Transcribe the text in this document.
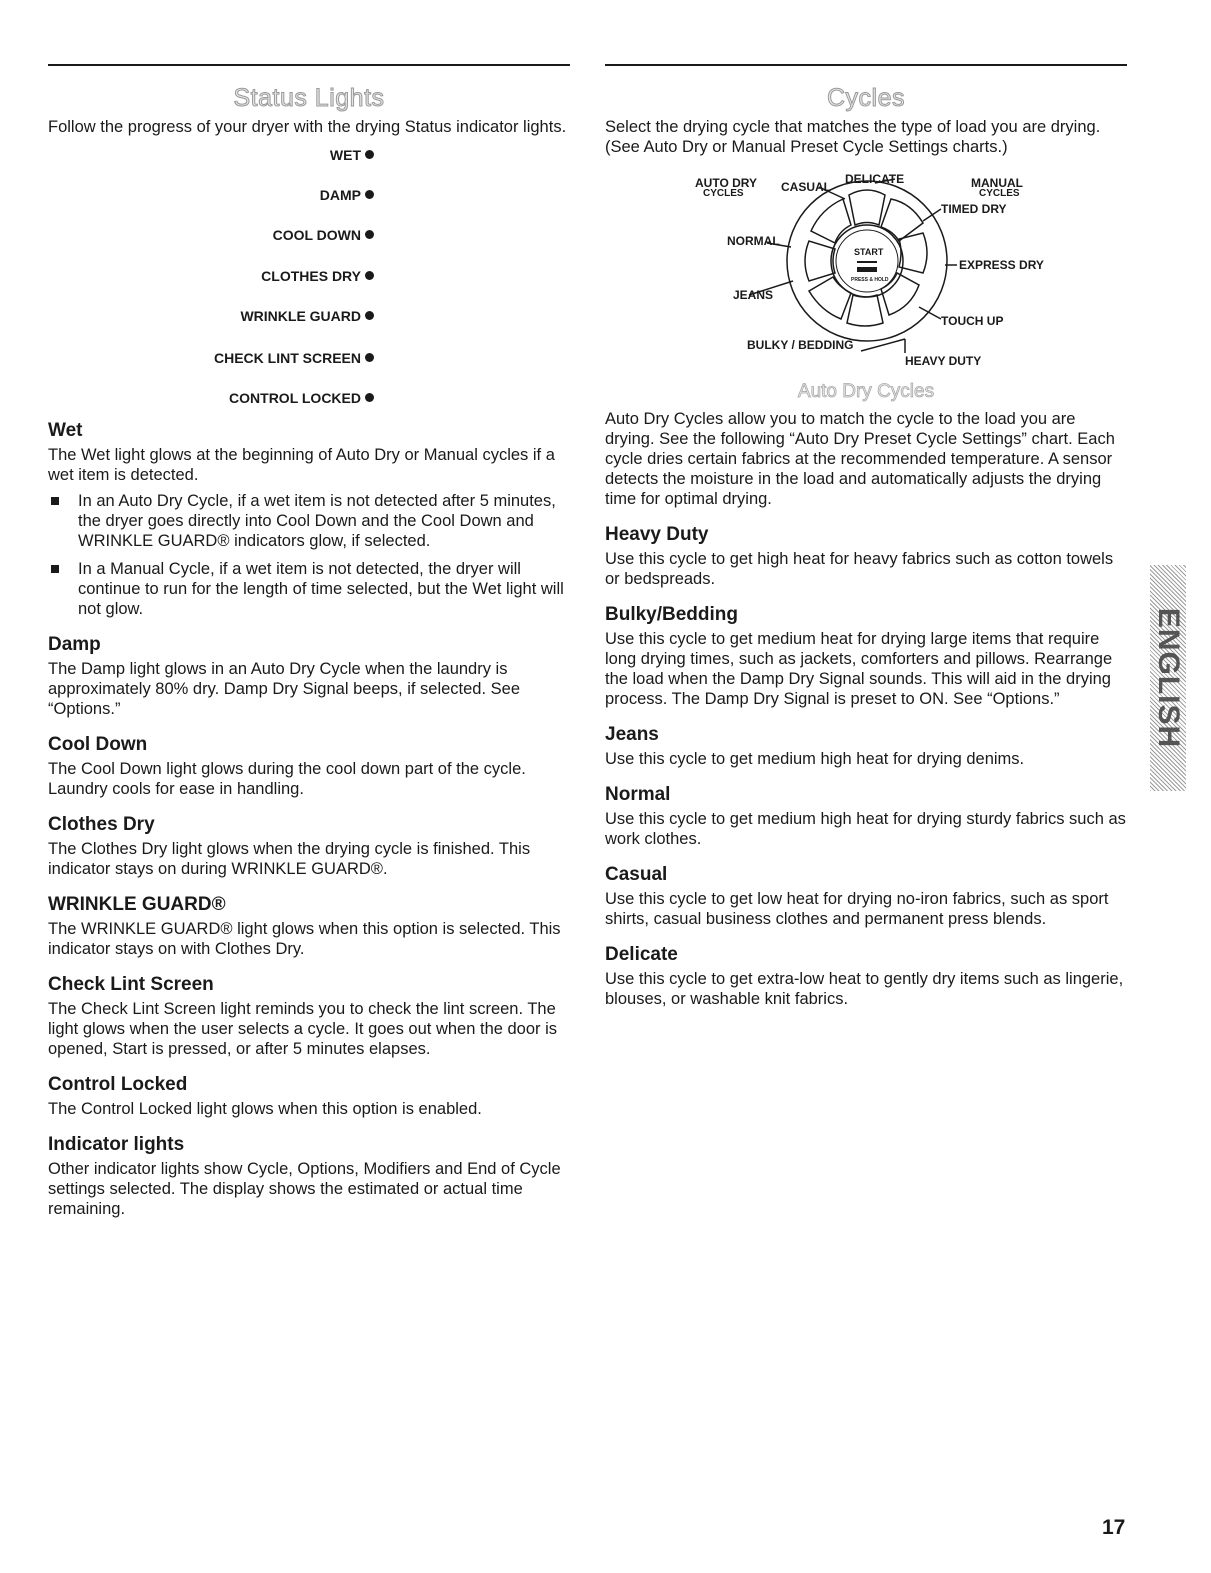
Status Lights

Follow the progress of your dryer with the drying Status indicator lights.

WET
DAMP
COOL DOWN
CLOTHES DRY
WRINKLE GUARD
CHECK LINT SCREEN
CONTROL LOCKED
Wet

The Wet light glows at the beginning of Auto Dry or Manual cycles if a wet item is detected.

In an Auto Dry Cycle, if a wet item is not detected after 5 minutes, the dryer goes directly into Cool Down and the Cool Down and WRINKLE GUARD® indicators glow, if selected.
In a Manual Cycle, if a wet item is not detected, the dryer will continue to run for the length of time selected, but the Wet light will not glow.
Damp

The Damp light glows in an Auto Dry Cycle when the laundry is approximately 80% dry. Damp Dry Signal beeps, if selected. See “Options.”

Cool Down

The Cool Down light glows during the cool down part of the cycle. Laundry cools for ease in handling.

Clothes Dry

The Clothes Dry light glows when the drying cycle is finished. This indicator stays on during WRINKLE GUARD®.

WRINKLE GUARD®

The WRINKLE GUARD® light glows when this option is selected. This indicator stays on with Clothes Dry.

Check Lint Screen

The Check Lint Screen light reminds you to check the lint screen. The light glows when the user selects a cycle. It goes out when the door is opened, Start is pressed, or after 5 minutes elapses.

Control Locked

The Control Locked light glows when this option is enabled.

Indicator lights

Other indicator lights show Cycle, Options, Modifiers and End of Cycle settings selected. The display shows the estimated or actual time remaining.

Cycles

Select the drying cycle that matches the type of load you are drying. (See Auto Dry or Manual Preset Cycle Settings charts.)

AUTO DRY
CYCLES	CASUAL
DELICATE	MANUAL
CYCLES
TIMED DRY
NORMAL
EXPRESS DRY
JEANS
TOUCH UP
BULKY / BEDDING
HEAVY DUTY
START
PRESS & HOLD
Auto Dry Cycles

Auto Dry Cycles allow you to match the cycle to the load you are drying. See the following “Auto Dry Preset Cycle Settings” chart. Each cycle dries certain fabrics at the recommended temperature. A sensor detects the moisture in the load and automatically adjusts the drying time for optimal drying.

Heavy Duty

Use this cycle to get high heat for heavy fabrics such as cotton towels or bedspreads.

Bulky/Bedding

Use this cycle to get medium heat for drying large items that require long drying times, such as jackets, comforters and pillows. Rearrange the load when the Damp Dry Signal sounds. This will aid in the drying process. The Damp Dry Signal is preset to ON. See “Options.”

Jeans

Use this cycle to get medium high heat for drying denims.

Normal

Use this cycle to get medium high heat for drying sturdy fabrics such as work clothes.

Casual

Use this cycle to get low heat for drying no-iron fabrics, such as sport shirts, casual business clothes and permanent press blends.

Delicate

Use this cycle to get extra-low heat to gently dry items such as lingerie, blouses, or washable knit fabrics.

ENGLISH
17
